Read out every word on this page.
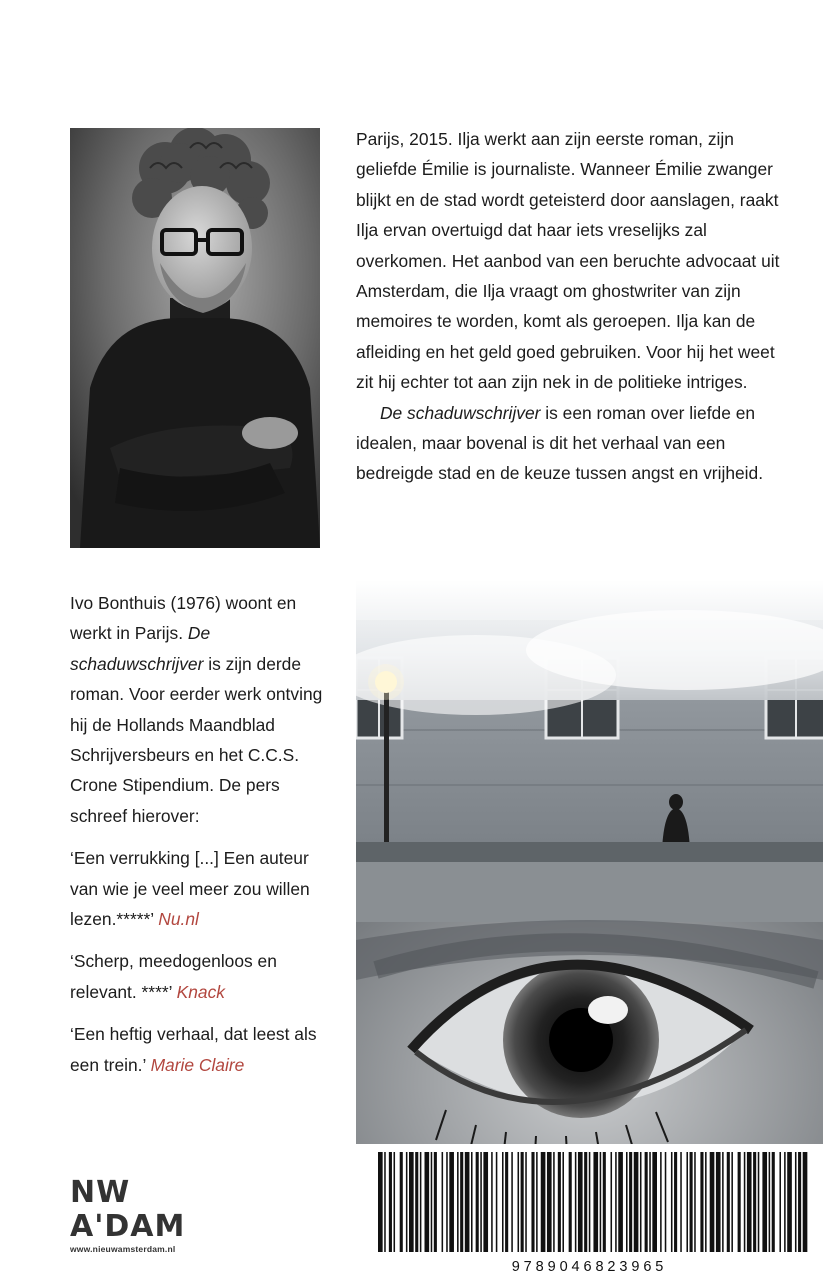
Parijs, 2015. Ilja werkt aan zijn eerste roman, zijn geliefde Émilie is journaliste. Wanneer Émilie zwanger blijkt en de stad wordt geteisterd door aanslagen, raakt Ilja ervan overtuigd dat haar iets vreselijks zal overkomen. Het aanbod van een beruchte advocaat uit Amsterdam, die Ilja vraagt om ghostwriter van zijn memoires te worden, komt als geroepen. Ilja kan de afleiding en het geld goed gebruiken. Voor hij het weet zit hij echter tot aan zijn nek in de politieke intriges.

De schaduwschrijver is een roman over liefde en idealen, maar bovenal is dit het verhaal van een bedreigde stad en de keuze tussen angst en vrijheid.

Ivo Bonthuis (1976) woont en werkt in Parijs. De schaduwschrijver is zijn derde roman. Voor eerder werk ontving hij de Hollands Maandblad Schrijversbeurs en het C.C.S. Crone Stipendium. De pers schreef hierover:

‘Een verrukking [...] Een auteur van wie je veel meer zou willen lezen.*****’ Nu.nl

‘Scherp, meedogenloos en relevant. ****’ Knack

‘Een heftig verhaal, dat leest als een trein.’ Marie Claire

NW A'DAM
www.nieuwamsterdam.nl
9789046823965
